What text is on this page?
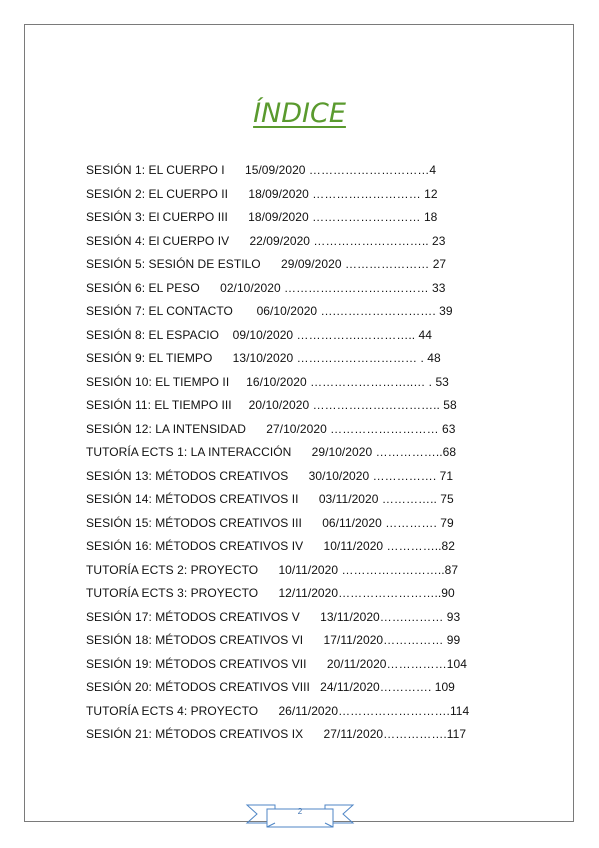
ÍNDICE
SESIÓN 1: EL CUERPO I 15/09/2020 …………………………4
SESIÓN 2: EL CUERPO II 18/09/2020 ……………………… 12
SESIÓN 3: El CUERPO III 18/09/2020 ……………………… 18
SESIÓN 4: El CUERPO IV 22/09/2020 ……………………….. 23
SESIÓN 5: SESIÓN DE ESTILO 29/09/2020 ………………… 27
SESIÓN 6: EL PESO 02/10/2020 ……………………………… 33
SESIÓN 7: EL CONTACTO 06/10/2020 ….……………………. 39
SESIÓN 8: EL ESPACIO 09/10/2020 …………….………….. 44
SESIÓN 9: EL TIEMPO 13/10/2020 ………………………… . 48
SESIÓN 10: EL TIEMPO II 16/10/2020 ……………………..… . 53
SESIÓN 11: EL TIEMPO III 20/10/2020 ………………………….. 58
SESIÓN 12: LA INTENSIDAD 27/10/2020 ……………………… 63
TUTORÍA ECTS 1: LA INTERACCIÓN 29/10/2020 ……………..68
SESIÓN 13: MÉTODOS CREATIVOS 30/10/2020 ……………. 71
SESIÓN 14: MÉTODOS CREATIVOS II 03/11/2020 ………….. 75
SESIÓN 15: MÉTODOS CREATIVOS III 06/11/2020 …………. 79
SESIÓN 16: MÉTODOS CREATIVOS IV 10/11/2020 …………..82
TUTORÍA ECTS 2: PROYECTO 10/11/2020 ……………………..87
TUTORÍA ECTS 3: PROYECTO 12/11/2020……………………..90
SESIÓN 17: MÉTODOS CREATIVOS V 13/11/2020…….……… 93
SESIÓN 18: MÉTODOS CREATIVOS VI 17/11/2020…………… 99
SESIÓN 19: MÉTODOS CREATIVOS VII 20/11/2020……………104
SESIÓN 20: MÉTODOS CREATIVOS VIII 24/11/2020…………. 109
TUTORÍA ECTS 4: PROYECTO 26/11/2020……………………….114
SESIÓN 21: MÉTODOS CREATIVOS IX 27/11/2020…………….117
2
